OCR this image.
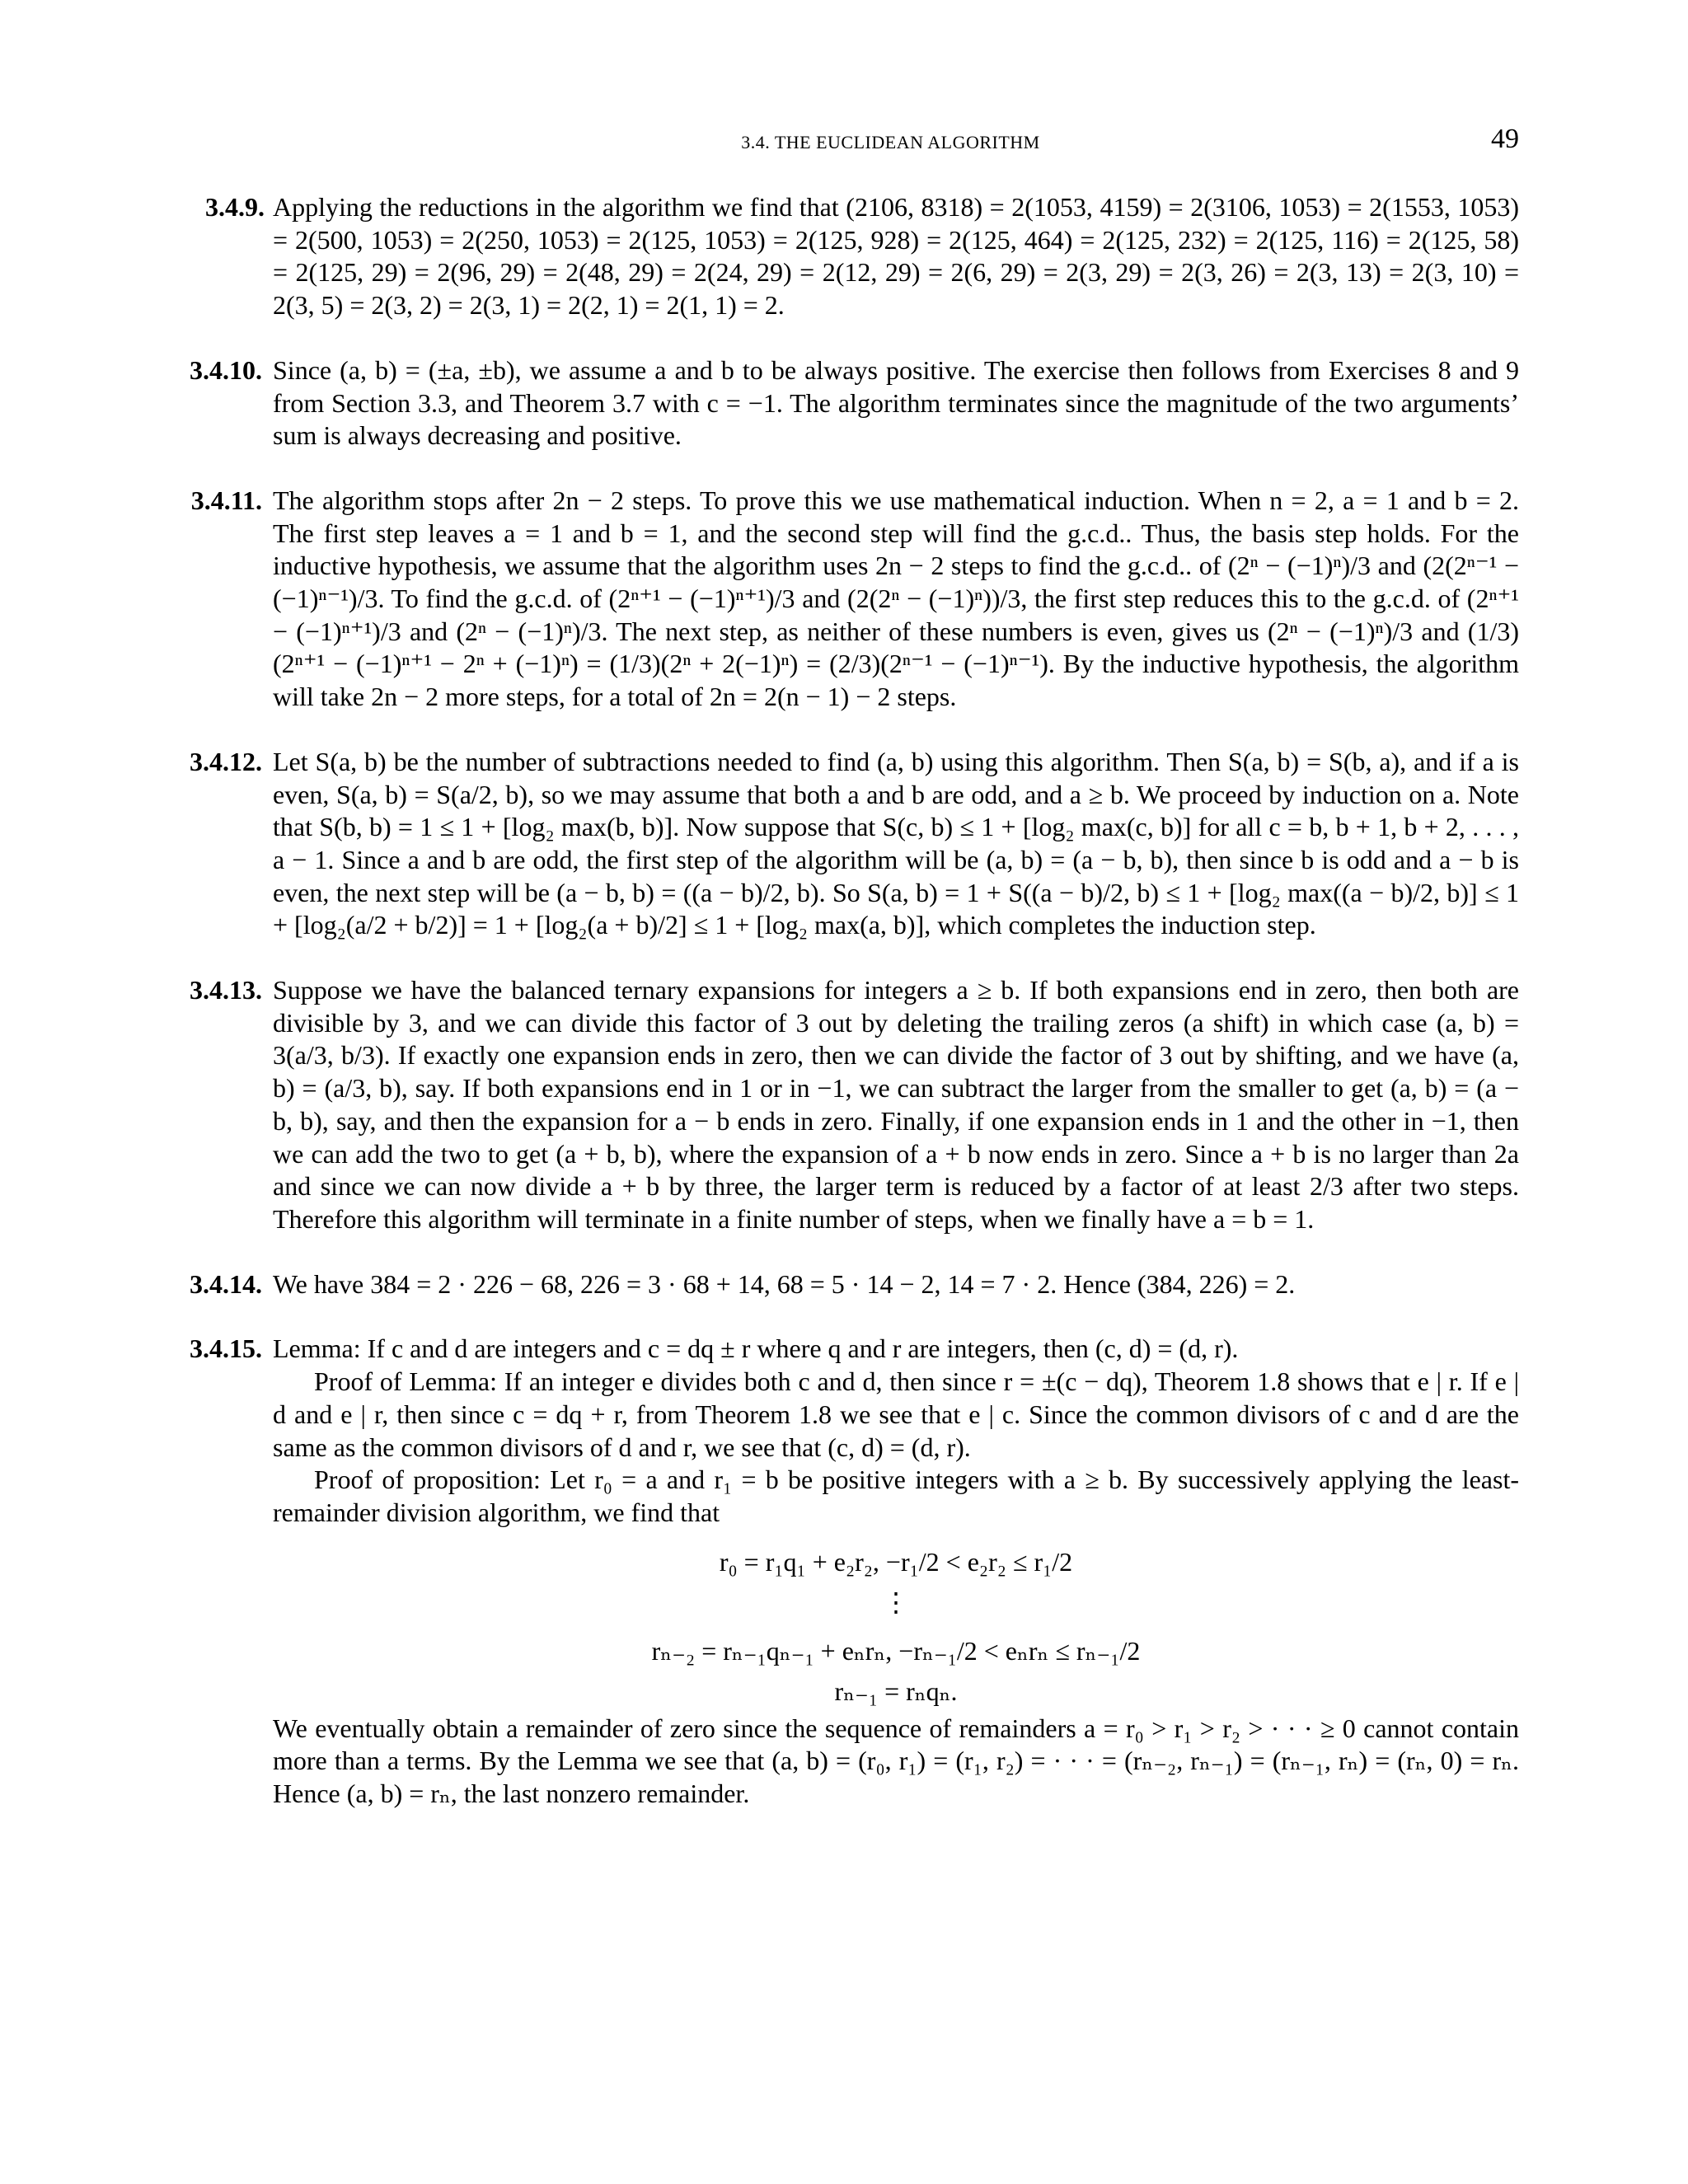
3.4. THE EUCLIDEAN ALGORITHM	49
3.4.9. Applying the reductions in the algorithm we find that (2106, 8318) = 2(1053, 4159) = 2(3106, 1053) = 2(1553, 1053) = 2(500, 1053) = 2(250, 1053) = 2(125, 1053) = 2(125, 928) = 2(125, 464) = 2(125, 232) = 2(125, 116) = 2(125, 58) = 2(125, 29) = 2(96, 29) = 2(48, 29) = 2(24, 29) = 2(12, 29) = 2(6, 29) = 2(3, 29) = 2(3, 26) = 2(3, 13) = 2(3, 10) = 2(3, 5) = 2(3, 2) = 2(3, 1) = 2(2, 1) = 2(1, 1) = 2.
3.4.10. Since (a, b) = (±a, ±b), we assume a and b to be always positive. The exercise then follows from Exercises 8 and 9 from Section 3.3, and Theorem 3.7 with c = −1. The algorithm terminates since the magnitude of the two arguments’ sum is always decreasing and positive.
3.4.11. The algorithm stops after 2n − 2 steps. To prove this we use mathematical induction. When n = 2, a = 1 and b = 2. The first step leaves a = 1 and b = 1, and the second step will find the g.c.d.. Thus, the basis step holds. For the inductive hypothesis, we assume that the algorithm uses 2n − 2 steps to find the g.c.d.. of (2ⁿ − (−1)ⁿ)/3 and (2(2ⁿ⁻¹ − (−1)ⁿ⁻¹)/3. To find the g.c.d. of (2ⁿ⁺¹ − (−1)ⁿ⁺¹)/3 and (2(2ⁿ − (−1)ⁿ))/3, the first step reduces this to the g.c.d. of (2ⁿ⁺¹ − (−1)ⁿ⁺¹)/3 and (2ⁿ − (−1)ⁿ)/3. The next step, as neither of these numbers is even, gives us (2ⁿ − (−1)ⁿ)/3 and (1/3)(2ⁿ⁺¹ − (−1)ⁿ⁺¹ − 2ⁿ + (−1)ⁿ) = (1/3)(2ⁿ + 2(−1)ⁿ) = (2/3)(2ⁿ⁻¹ − (−1)ⁿ⁻¹). By the inductive hypothesis, the algorithm will take 2n − 2 more steps, for a total of 2n = 2(n − 1) − 2 steps.
3.4.12. Let S(a, b) be the number of subtractions needed to find (a, b) using this algorithm. Then S(a, b) = S(b, a), and if a is even, S(a, b) = S(a/2, b), so we may assume that both a and b are odd, and a ≥ b. We proceed by induction on a. Note that S(b, b) = 1 ≤ 1 + [log₂ max(b, b)]. Now suppose that S(c, b) ≤ 1 + [log₂ max(c, b)] for all c = b, b + 1, b + 2, . . . , a − 1. Since a and b are odd, the first step of the algorithm will be (a, b) = (a − b, b), then since b is odd and a − b is even, the next step will be (a − b, b) = ((a − b)/2, b). So S(a, b) = 1 + S((a − b)/2, b) ≤ 1 + [log₂ max((a − b)/2, b)] ≤ 1 + [log₂(a/2 + b/2)] = 1 + [log₂(a + b)/2] ≤ 1 + [log₂ max(a, b)], which completes the induction step.
3.4.13. Suppose we have the balanced ternary expansions for integers a ≥ b. If both expansions end in zero, then both are divisible by 3, and we can divide this factor of 3 out by deleting the trailing zeros (a shift) in which case (a, b) = 3(a/3, b/3). If exactly one expansion ends in zero, then we can divide the factor of 3 out by shifting, and we have (a, b) = (a/3, b), say. If both expansions end in 1 or in −1, we can subtract the larger from the smaller to get (a, b) = (a − b, b), say, and then the expansion for a − b ends in zero. Finally, if one expansion ends in 1 and the other in −1, then we can add the two to get (a + b, b), where the expansion of a + b now ends in zero. Since a + b is no larger than 2a and since we can now divide a + b by three, the larger term is reduced by a factor of at least 2/3 after two steps. Therefore this algorithm will terminate in a finite number of steps, when we finally have a = b = 1.
3.4.14. We have 384 = 2 · 226 − 68, 226 = 3 · 68 + 14, 68 = 5 · 14 − 2, 14 = 7 · 2. Hence (384, 226) = 2.
3.4.15. Lemma: If c and d are integers and c = dq ± r where q and r are integers, then (c, d) = (d, r).
Proof of Lemma: If an integer e divides both c and d, then since r = ±(c − dq), Theorem 1.8 shows that e | r. If e | d and e | r, then since c = dq + r, from Theorem 1.8 we see that e | c. Since the common divisors of c and d are the same as the common divisors of d and r, we see that (c, d) = (d, r).
Proof of proposition: Let r₀ = a and r₁ = b be positive integers with a ≥ b. By successively applying the least-remainder division algorithm, we find that
r₀ = r₁q₁ + e₂r₂, −r₁/2 < e₂r₂ ≤ r₁/2
⋮
rₙ₋₂ = rₙ₋₁qₙ₋₁ + eₙrₙ, −rₙ₋₁/2 < eₙrₙ ≤ rₙ₋₁/2
rₙ₋₁ = rₙqₙ.
We eventually obtain a remainder of zero since the sequence of remainders a = r₀ > r₁ > r₂ > · · · ≥ 0 cannot contain more than a terms. By the Lemma we see that (a, b) = (r₀, r₁) = (r₁, r₂) = · · · = (rₙ₋₂, rₙ₋₁) = (rₙ₋₁, rₙ) = (rₙ, 0) = rₙ. Hence (a, b) = rₙ, the last nonzero remainder.
